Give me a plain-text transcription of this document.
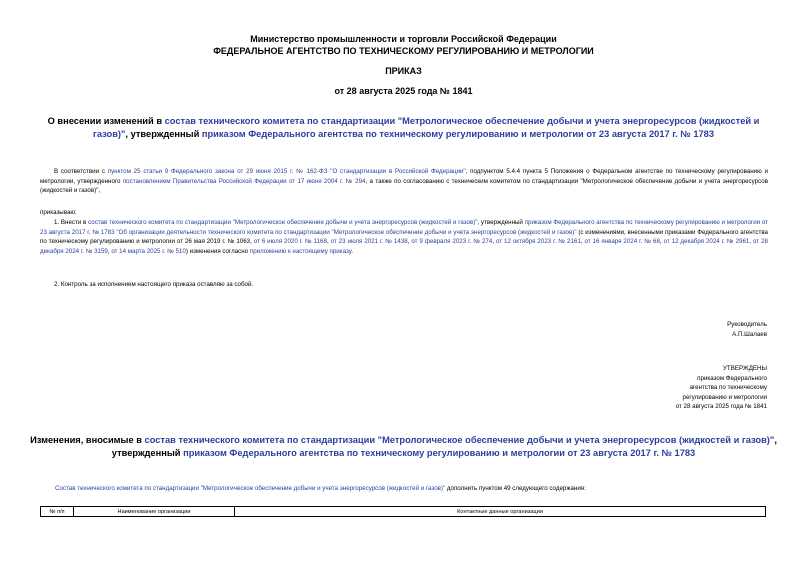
Министерство промышленности и торговли Российской Федерации
ФЕДЕРАЛЬНОЕ АГЕНТСТВО ПО ТЕХНИЧЕСКОМУ РЕГУЛИРОВАНИЮ И МЕТРОЛОГИИ
ПРИКАЗ
от 28 августа 2025 года № 1841
О внесении изменений в состав технического комитета по стандартизации "Метрологическое обеспечение добычи и учета энергоресурсов (жидкостей и газов)", утвержденный приказом Федерального агентства по техническому регулированию и метрологии от 23 августа 2017 г. № 1783
В соответствии с пунктом 25 статьи 9 Федерального закона от 29 июня 2015 г. № 162-ФЗ "О стандартизации в Российской Федерации", подпунктом 5.4.4 пункта 5 Положения о Федеральном агентстве по техническому регулированию и метрологии, утвержденного постановлением Правительства Российской Федерации от 17 июня 2004 г. № 294, а также по согласованию с техническим комитетом по стандартизации "Метрологическое обеспечение добычи и учета энергоресурсов (жидкостей и газов)",
приказываю:
1. Внести в состав технического комитета по стандартизации "Метрологическое обеспечение добычи и учета энергоресурсов (жидкостей и газов)", утвержденный приказом Федерального агентства по техническому регулированию и метрологии от 23 августа 2017 г. № 1783 "Об организации деятельности технического комитета по стандартизации "Метрологическое обеспечение добычи и учета энергоресурсов (жидкостей и газов)" (с изменениями, внесенными приказами Федерального агентства по техническому регулированию и метрологии от 26 мая 2019 г. № 1063, от 6 июля 2020 г. № 1168, от 23 июля 2021 г. № 1438, от 9 февраля 2023 г. № 274, от 12 октября 2023 г. № 2161, от 16 января 2024 г. № 68, от 12 декабря 2024 г. № 2961, от 28 декабря 2024 г. № 3159, от 14 марта 2025 г. № 510) изменения согласно приложению к настоящему приказу.
2. Контроль за исполнением настоящего приказа оставляю за собой.
Руководитель
А.П.Шалаев
УТВЕРЖДЕНЫ
приказом Федерального
агентства по техническому
регулированию и метрологии
от 28 августа 2025 года № 1841
Изменения, вносимые в состав технического комитета по стандартизации "Метрологическое обеспечение добычи и учета энергоресурсов (жидкостей и газов)", утвержденный приказом Федерального агентства по техническому регулированию и метрологии от 23 августа 2017 г. № 1783
Состав технического комитета по стандартизации "Метрологическое обеспечение добычи и учета энергоресурсов (жидкостей и газов)" дополнить пунктом 49 следующего содержания:
№ п/п	Наименование организации	Контактные данные организации
